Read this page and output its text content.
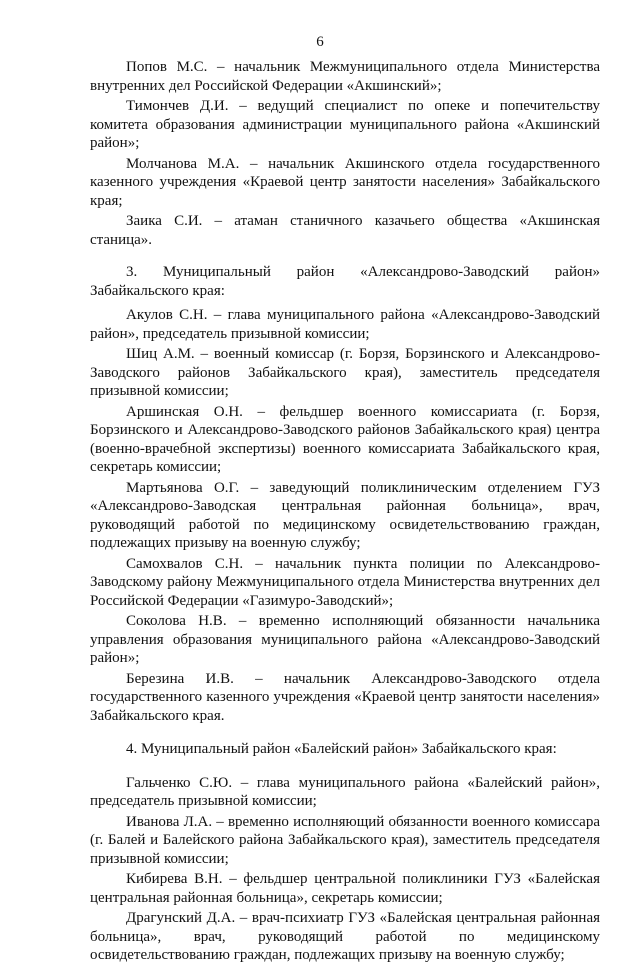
6

Попов М.С. – начальник Межмуниципального отдела Министерства внутренних дел Российской Федерации «Акшинский»;

Тимончев Д.И. – ведущий специалист по опеке и попечительству комитета образования администрации муниципального района «Акшинский район»;

Молчанова М.А. – начальник Акшинского отдела государственного казенного учреждения «Краевой центр занятости населения» Забайкальского края;

Заика С.И. – атаман станичного казачьего общества «Акшинская станица».

3. Муниципальный район «Александрово-Заводский район» Забайкальского края:

Акулов С.Н. – глава муниципального района «Александрово-Заводский район», председатель призывной комиссии;

Шиц А.М. – военный комиссар (г. Борзя, Борзинского и Александрово-Заводского районов Забайкальского края), заместитель председателя призывной комиссии;

Аршинская О.Н. – фельдшер военного комиссариата (г. Борзя, Борзинского и Александрово-Заводского районов Забайкальского края) центра (военно-врачебной экспертизы) военного комиссариата Забайкальского края, секретарь комиссии;

Мартьянова О.Г. – заведующий поликлиническим отделением ГУЗ «Александрово-Заводская центральная районная больница», врач, руководящий работой по медицинскому освидетельствованию граждан, подлежащих призыву на военную службу;

Самохвалов С.Н. – начальник пункта полиции по Александрово-Заводскому району Межмуниципального отдела Министерства внутренних дел Российской Федерации «Газимуро-Заводский»;

Соколова Н.В. – временно исполняющий обязанности начальника управления образования муниципального района «Александрово-Заводский район»;

Березина И.В. – начальник Александрово-Заводского отдела государственного казенного учреждения «Краевой центр занятости населения» Забайкальского края.

4. Муниципальный район «Балейский район» Забайкальского края:

Гальченко С.Ю. – глава муниципального района «Балейский район», председатель призывной комиссии;

Иванова Л.А. – временно исполняющий обязанности военного комиссара (г. Балей и Балейского района Забайкальского края), заместитель председателя призывной комиссии;

Кибирева В.Н. – фельдшер центральной поликлиники ГУЗ «Балейская центральная районная больница», секретарь комиссии;

Драгунский Д.А. – врач-психиатр ГУЗ «Балейская центральная районная больница», врач, руководящий работой по медицинскому освидетельствованию граждан, подлежащих призыву на военную службу;
